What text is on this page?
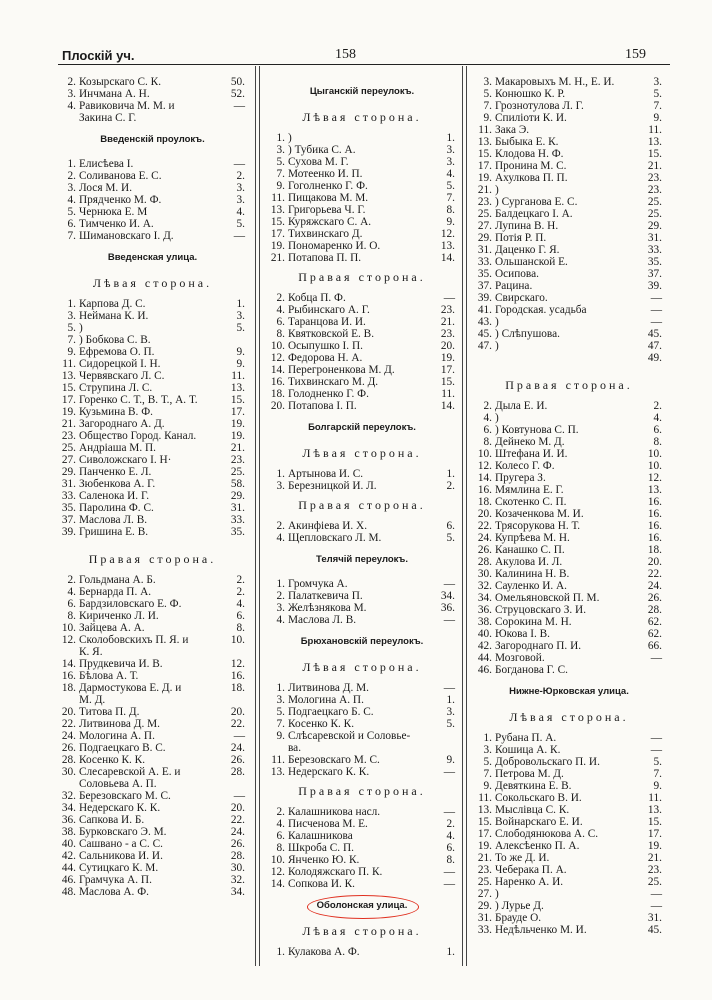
Плоскій уч.	158	159
2. Козырскаго С. К.	50.
3. Инчмана А. Н.	52.
4. Равиковича М. М. и	—
Закина С. Г.
Введенскій проулокъ.
1. Елисѣева І.	—
2. Соливанова Е. С.	2.
3. Лося М. И.	3.
4. Прядченко М. Ф.	3.
5. Чернюка Е. М	4.
6. Тимченко И. А.	5.
7. Шимановскаго І. Д.	—
Введенская улица.
Лѣвая сторона.
1. Карпова Д. С.	1.
3. Неймана К. И.	3.
5. )	5.
7. ) Бобкова С. В.
9. Ефремова О. П.	9.
11. Сидорецкой І. Н.	9.
13. Червявскаго Л. С.	11.
15. Струпина Л. С.	13.
17. Горенко С. Т., В. Т., А. Т.	15.
19. Кузьмина В. Ф.	17.
21. Загороднаго А. Д.	19.
23. Общество Город. Канал.	19.
25. Андріаша М. П.	21.
27. Сиволожскаго І. Н·	23.
29. Панченко Е. Л.	25.
31. Зюбенкова А. Г.	58.
33. Саленока И. Г.	29.
35. Паролина Ф. С.	31.
37. Маслова Л. В.	33.
39. Гришина Е. В.	35.
Правая сторона.
2. Гольдмана А. Б.	2.
4. Бернарда П. А.	2.
6. Бардзиловскаго Е. Ф.	4.
8. Кириченко Л. И.	6.
10. Зайцева А. А.	8.
12. Сколобовскихъ П. Я. и	10.
К. Я.
14. Прудкевича И. В.	12.
16. Бѣлова А. Т.	16.
18. Дармостукова Е. Д. и	18.
М. Д.
20. Титова П. Д.	20.
22. Литвинова Д. М.	22.
24. Мологина А. П.	—
26. Подгаецкаго В. С.	24.
28. Косенко К. К.	26.
30. Слесаревской А. Е. и	28.
Соловьева А. П.
32. Березовскаго М. С.	—
34. Недерскаго К. К.	20.
36. Сапкова И. Б.	22.
38. Бурковскаго Э. М.	24.
40. Сашвано - а С. С.	26.
42. Сальникова И. И.	28.
44. Сутицкаго К. М.	30.
46. Грамчука А. П.	32.
48. Маслова А. Ф.	34.
Цыганскій переулокъ.
Лѣвая сторона.
1. )	1.
3. ) Тубика С. А.	3.
5. Сухова М. Г.	3.
7. Мотеенко И. П.	4.
9. Гоголненко Г. Ф.	5.
11. Пищакова М. М.	7.
13. Григорьева Ч. Г.	8.
15. Куряжскаго С. А.	9.
17. Тихвинскаго Д.	12.
19. Пономаренко И. О.	13.
21. Потапова П. П.	14.
Правая сторона.
2. Кобца П. Ф.	—
4. Рыбинскаго А. Г.	23.
6. Таранцова И. И.	21.
8. Квятковской Е. В.	23.
10. Осыпушко І. П.	20.
12. Федорова Н. А.	19.
14. Перегроненкова М. Д.	17.
16. Тихвинскаго М. Д.	15.
18. Голодненко Г. Ф.	11.
20. Потапова І. П.	14.
Болгарскій переулокъ.
Лѣвая сторона.
1. Артынова И. С.	1.
3. Березницкой И. Л.	2.
Правая сторона.
2. Акинфіева И. Х.	6.
4. Щепловскаго Л. М.	5.
Телячій переулокъ.
1. Громчука А.	—
2. Палаткевича П.	34.
3. Желѣзнякова М.	36.
4. Маслова Л. В.	—
Брюхановскій переулокъ.
Лѣвая сторона.
1. Литвинова Д. М.	—
3. Мологина А. П.	1.
5. Подгаецкаго Б. С.	3.
7. Косенко К. К.	5.
9. Слѣсаревской и Соловье-
ва.
11. Березовскаго М. С.	9.
13. Недерскаго К. К.	—
Правая сторона.
2. Калашникова насл.	—
4. Писченова М. Е.	2.
6. Калашникова	4.
8. Шкроба С. П.	6.
10. Янченко Ю. К.	8.
12. Колодяжскаго П. К.	—
14. Сопкова И. К.	—
Оболонская улица.
Лѣвая сторона.
1. Кулакова А. Ф.	1.
3. Макаровыхъ М. Н., Е. И.	3.
5. Конюшко К. Р.	5.
7. Грознотулова Л. Г.	7.
9. Спиліоти К. И.	9.
11. Зака Э.	11.
13. Быбыка Е. К.	13.
15. Клодова Н. Ф.	15.
17. Пронина М. С.	21.
19. Ахулкова П. П.	23.
21. )	23.
23. ) Сурганова Е. С.	25.
25. Балдецкаго І. А.	25.
27. Лупина В. Н.	29.
29. Потія Р. П.	31.
31. Даценко Г. Я.	33.
33. Ольшанской Е.	35.
35. Осипова.	37.
37. Рацина.	39.
39. Свирскаго.	—
41. Городская. усадьба	—
43. )	—
45. ) Слѣпушова.	45.
47. )	47.
49.
Правая сторона.
2. Дыла Е. И.	2.
4. )	4.
6. ) Ковтунова С. П.	6.
8. Дейнеко М. Д.	8.
10. Штефана И. И.	10.
12. Колесо Г. Ф.	10.
14. Пругера З.	12.
16. Мямлина Е. Г.	13.
18. Скотенко С. П.	16.
20. Козаченкова М. И.	16.
22. Трясорукова Н. Т.	16.
24. Купрѣева М. Н.	16.
26. Канашко С. П.	18.
28. Акулова И. Л.	20.
30. Калинина Н. В.	22.
32. Сауленко И. А.	24.
34. Омельяновской П. М.	26.
36. Струцовскаго З. И.	28.
38. Сорокина М. Н.	62.
40. Юкова І. В.	62.
42. Загороднаго П. И.	66.
44. Мозговой.	—
46. Богданова Г. С.
Нижне-Юрковская улица.
Лѣвая сторона.
1. Рубана П. А.	—
3. Кошица А. К.	—
5. Добровольскаго П. И.	5.
7. Петрова М. Д.	7.
9. Девяткина Е. В.	9.
11. Сокольскаго В. И.	11.
13. Мыслівца С. К.	13.
15. Войнарскаго Е. И.	15.
17. Слободянюкова А. С.	17.
19. Алексѣенко П. А.	19.
21. То же Д. И.	21.
23. Чеберака П. А.	23.
25. Наренко А. И.	25.
27. )	—
29. ) Лурье Д.	—
31. Брауде О.	31.
33. Недѣльченко М. И.	45.
